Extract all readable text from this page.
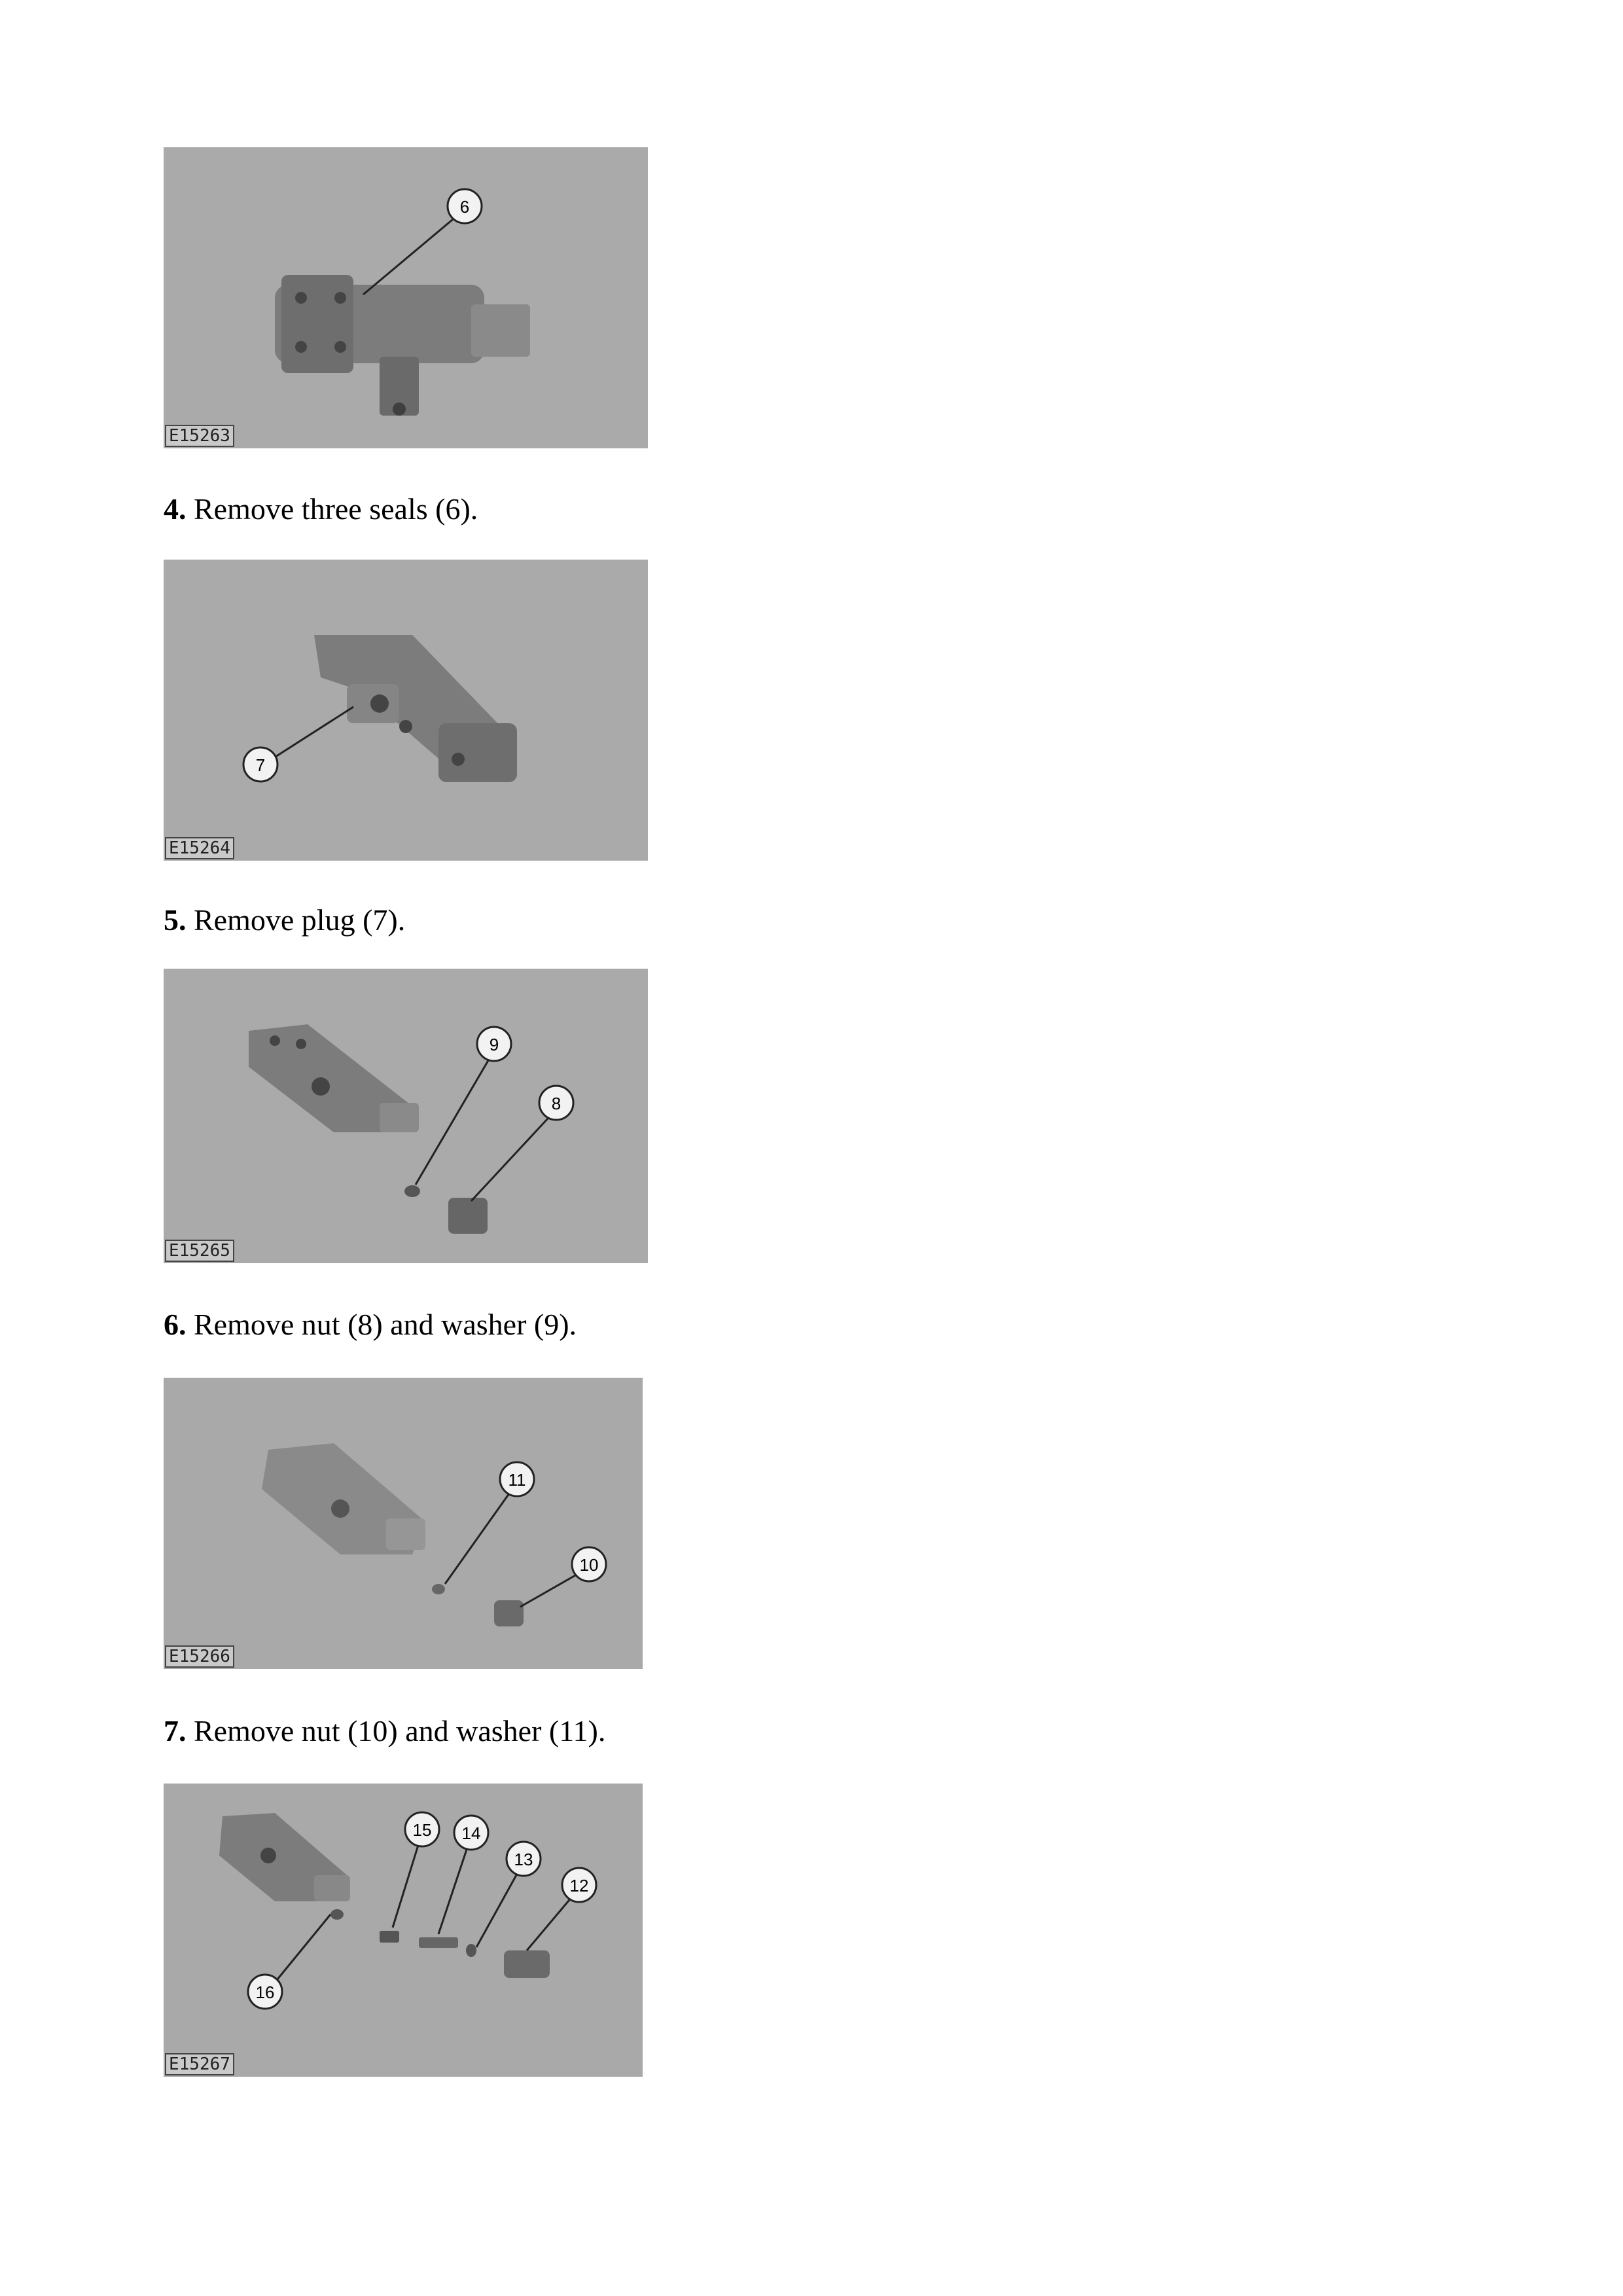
6
E15263
4. Remove three seals (6).
7
E15264
5. Remove plug (7).
9
8
E15265
6. Remove nut (8) and washer (9).
11
10
E15266
7. Remove nut (10) and washer (11).
15 14
13
12
16
E15267
